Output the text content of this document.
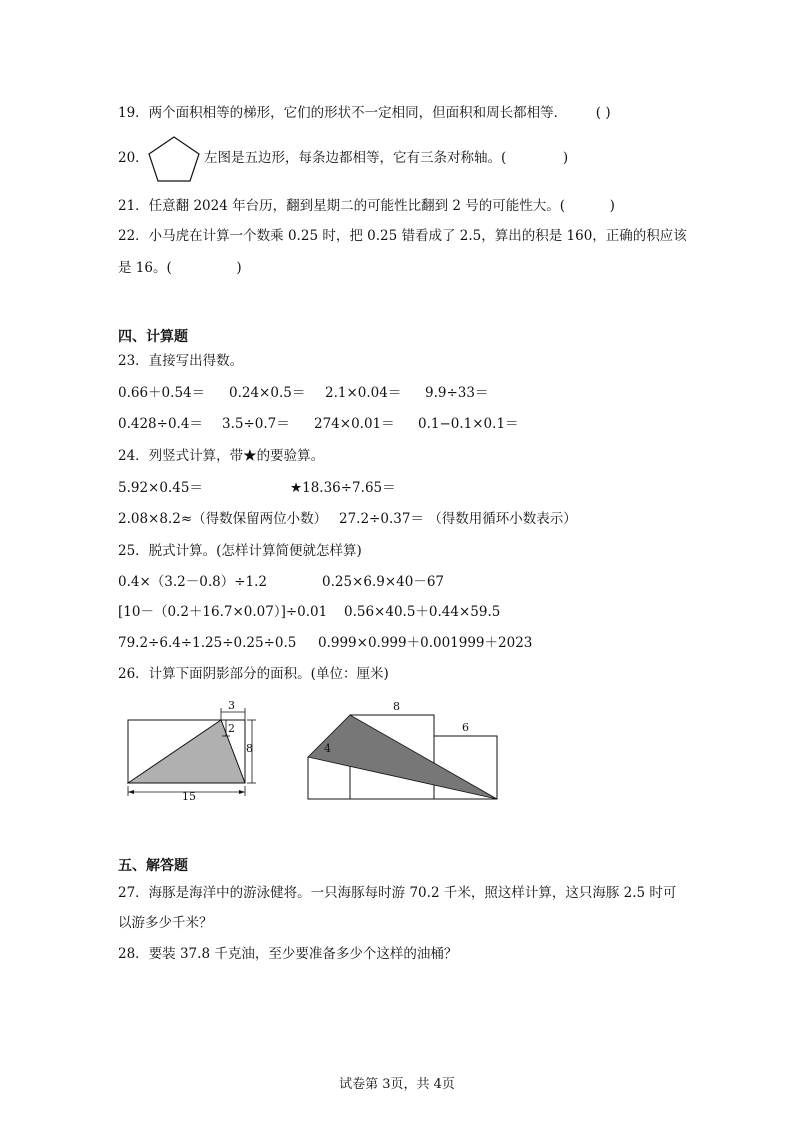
19．两个面积相等的梯形，它们的形状不一定相同，但面积和周长都相等． ( )
20．	左图是五边形，每条边都相等，它有三条对称轴。(	)
21．任意翻 2024 年台历，翻到星期二的可能性比翻到 2 号的可能性大。(	)
22．小马虎在计算一个数乘 0.25 时，把 0.25 错看成了 2.5，算出的积是 160，正确的积应该
是 16。(	)
四、计算题
23．直接写出得数。
0.66＋0.54＝ 0.24×0.5＝ 2.1×0.04＝ 9.9÷33＝
0.428÷0.4＝ 3.5÷0.7＝ 274×0.01＝ 0.1−0.1×0.1＝
24．列竖式计算，带★的要验算。
5.92×0.45＝	★18.36÷7.65＝
2.08×8.2≈（得数保留两位小数） 27.2÷0.37＝ （得数用循环小数表示）
25．脱式计算。(怎样计算简便就怎样算)
0.4×（3.2－0.8）÷1.2	0.25×6.9×40－67
[10－（0.2＋16.7×0.07）]÷0.01 0.56×40.5＋0.44×59.5
79.2÷6.4÷1.25÷0.25÷0.5 0.999×0.999＋0.001999＋2023
26．计算下面阴影部分的面积。(单位：厘米)
3
2
8
15
4
8
6
五、解答题
27．海豚是海洋中的游泳健将。一只海豚每时游 70.2 千米，照这样计算，这只海豚 2.5 时可
以游多少千米？
28．要装 37.8 千克油，至少要准备多少个这样的油桶？
试卷第 3页，共 4页
